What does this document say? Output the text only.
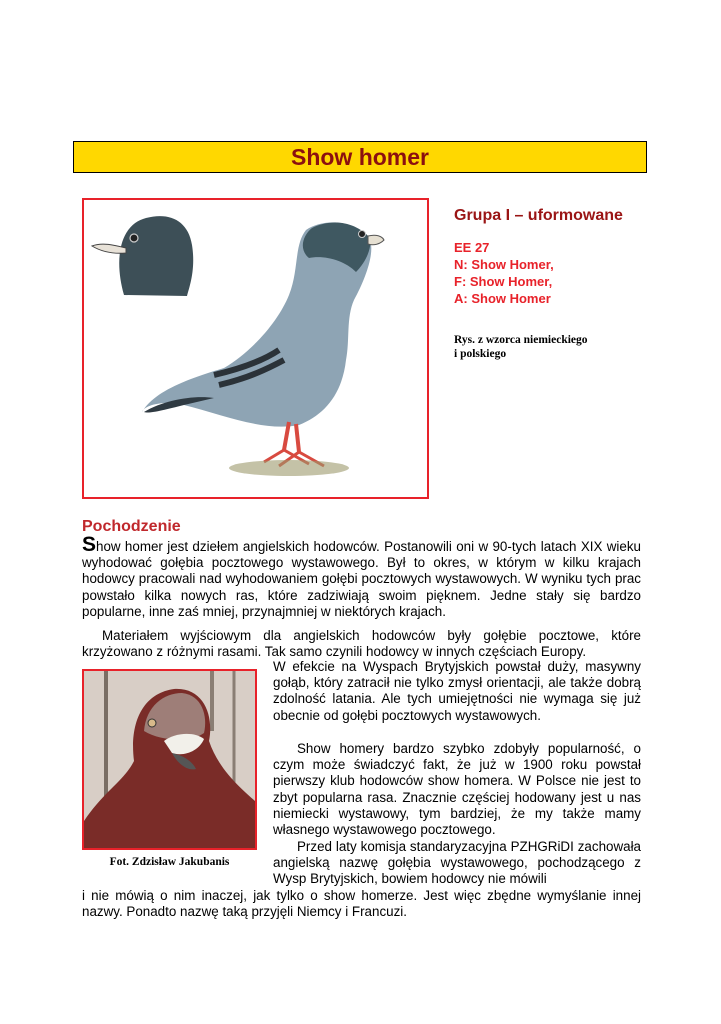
Show homer
Grupa I – uformowane
EE 27
N: Show Homer,
F: Show Homer,
A: Show Homer
Rys. z wzorca niemieckiego
i polskiego
Pochodzenie
Show homer jest dziełem angielskich hodowców. Postanowili oni w 90-tych latach XIX wieku wyhodować gołębia pocztowego wystawowego. Był to okres, w którym w kilku krajach hodowcy pracowali nad wyhodowaniem gołębi pocztowych wystawowych. W wyniku tych prac powstało kilka nowych ras, które zadziwiają swoim pięknem. Jedne stały się bardzo popularne, inne zaś mniej, przynajmniej w niektórych krajach.
Materiałem wyjściowym dla angielskich hodowców były gołębie pocztowe, które krzyżowano z różnymi rasami. Tak samo czynili hodowcy w innych częściach Europy.
Fot. Zdzisław Jakubanis
W efekcie na Wyspach Brytyjskich powstał duży, masywny gołąb, który zatracił nie tylko zmysł orientacji, ale także dobrą zdolność latania. Ale tych umiejętności nie wymaga się już obecnie od gołębi pocztowych wystawowych.
Show homery bardzo szybko zdobyły popularność, o czym może świadczyć fakt, że już w 1900 roku powstał pierwszy klub hodowców show homera. W Polsce nie jest to zbyt popularna rasa. Znacznie częściej hodowany jest u nas niemiecki wystawowy, tym bardziej, że my także mamy własnego wystawowego pocztowego.
Przed laty komisja standaryzacyjna PZHGRiDI zachowała angielską nazwę gołębia wystawowego, pochodzącego z Wysp Brytyjskich, bowiem hodowcy nie mówili
i nie mówią o nim inaczej, jak tylko o show homerze. Jest więc zbędne wymyślanie innej nazwy. Ponadto nazwę taką przyjęli Niemcy i Francuzi.
